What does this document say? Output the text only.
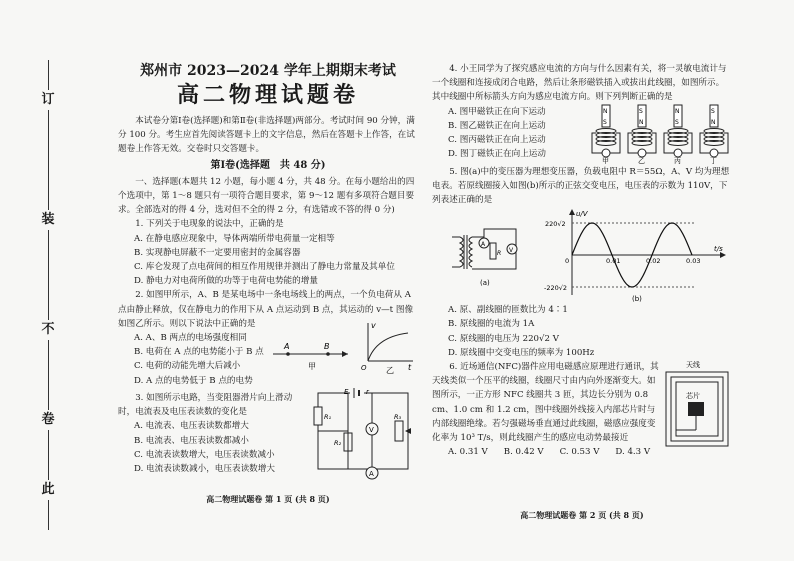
订
装
不
卷
此
郑州市 2023—2024 学年上期期末考试
高二物理试题卷

本试卷分第Ⅰ卷(选择题)和第Ⅱ卷(非选择题)两部分。考试时间 90 分钟，满分 100 分。考生应首先阅读答题卡上的文字信息，然后在答题卡上作答，在试题卷上作答无效。交卷时只交答题卡。

第Ⅰ卷(选择题　共 48 分)

一、选择题(本题共 12 小题，每小题 4 分，共 48 分。在每小题给出的四个选项中，第 1～8 题只有一项符合题目要求，第 9～12 题有多项符合题目要求。全部选对的得 4 分，选对但不全的得 2 分，有选错或不答的得 0 分)

1. 下列关于电现象的说法中，正确的是

A. 在静电感应现象中，导体两端所带电荷量一定相等
B. 实现静电屏蔽不一定要用密封的金属容器
C. 库仑发现了点电荷间的相互作用规律并测出了静电力常量及其单位
D. 静电力对电荷所做的功等于电荷电势能的增量

2. 如图甲所示，A、B 是某电场中一条电场线上的两点，一个负电荷从 A 点由静止释放，仅在静电力的作用下从 A 点运动到 B 点，其运动的 v—t 图像如图乙所示。则以下说法中正确的是

A. A、B 两点的电场强度相同
B. 电荷在 A 点的电势能小于 B 点
C. 电荷的动能先增大后减小
D. A 点的电势低于 B 点的电势
A	B
甲
v
t
O 乙

3. 如图所示电路，当变阻器滑片向上滑动时，电流表及电压表读数的变化是

A. 电流表、电压表读数都增大
B. 电流表、电压表读数都减小
C. 电流表读数增大，电压表读数减小
D. 电流表读数减小，电压表读数增大
E	r
R₁
R₂
V
R₃
A
高二物理试题卷 第 1 页 (共 8 页)

4. 小王同学为了探究感应电流的方向与什么因素有关，将一灵敏电流计与一个线圈和连接成闭合电路，然后让条形磁铁插入或拔出此线圈，如图所示。其中线圈中所标箭头方向为感应电流方向。则下列判断正确的是

A. 图甲磁铁正在向下运动
B. 图乙磁铁正在向上运动
C. 图丙磁铁正在向上运动
D. 图丁磁铁正在向上运动
N
S
甲
S
N
乙
N
S
丙
S
N
丁

5. 图(a)中的变压器为理想变压器，负载电阻中 R＝55Ω，A、V 均为理想电表。若原线圈接入如图(b)所示的正弦交变电压，电压表的示数为 110V，下列表述正确的是

A
R V
(a)
u/V
t/s
220√2
-220√2
0	0.01	0.02	0.03
(b)
A. 原、副线圈的匝数比为 4∶1
B. 原线圈的电流为 1A
C. 原线圈的电压为 220√2 V
D. 原线圈中交变电压的频率为 100Hz

6. 近场通信(NFC)器件应用电磁感应原理进行通讯，其天线类似一个压平的线圈，线圈尺寸由内向外逐渐变大。如图所示，一正方形 NFC 线圈共 3 匝，其边长分别为 0.8 cm、1.0 cm 和 1.2 cm，图中线圈外线接入内部芯片时与内部线圈绝缘。若匀强磁场垂直通过此线圈，磁感应强度变化率为 10³ T/s，则此线圈产生的感应电动势最接近

A. 0.31 V B. 0.42 V C. 0.53 V D. 4.3 V
天线
芯片
高二物理试题卷 第 2 页 (共 8 页)
